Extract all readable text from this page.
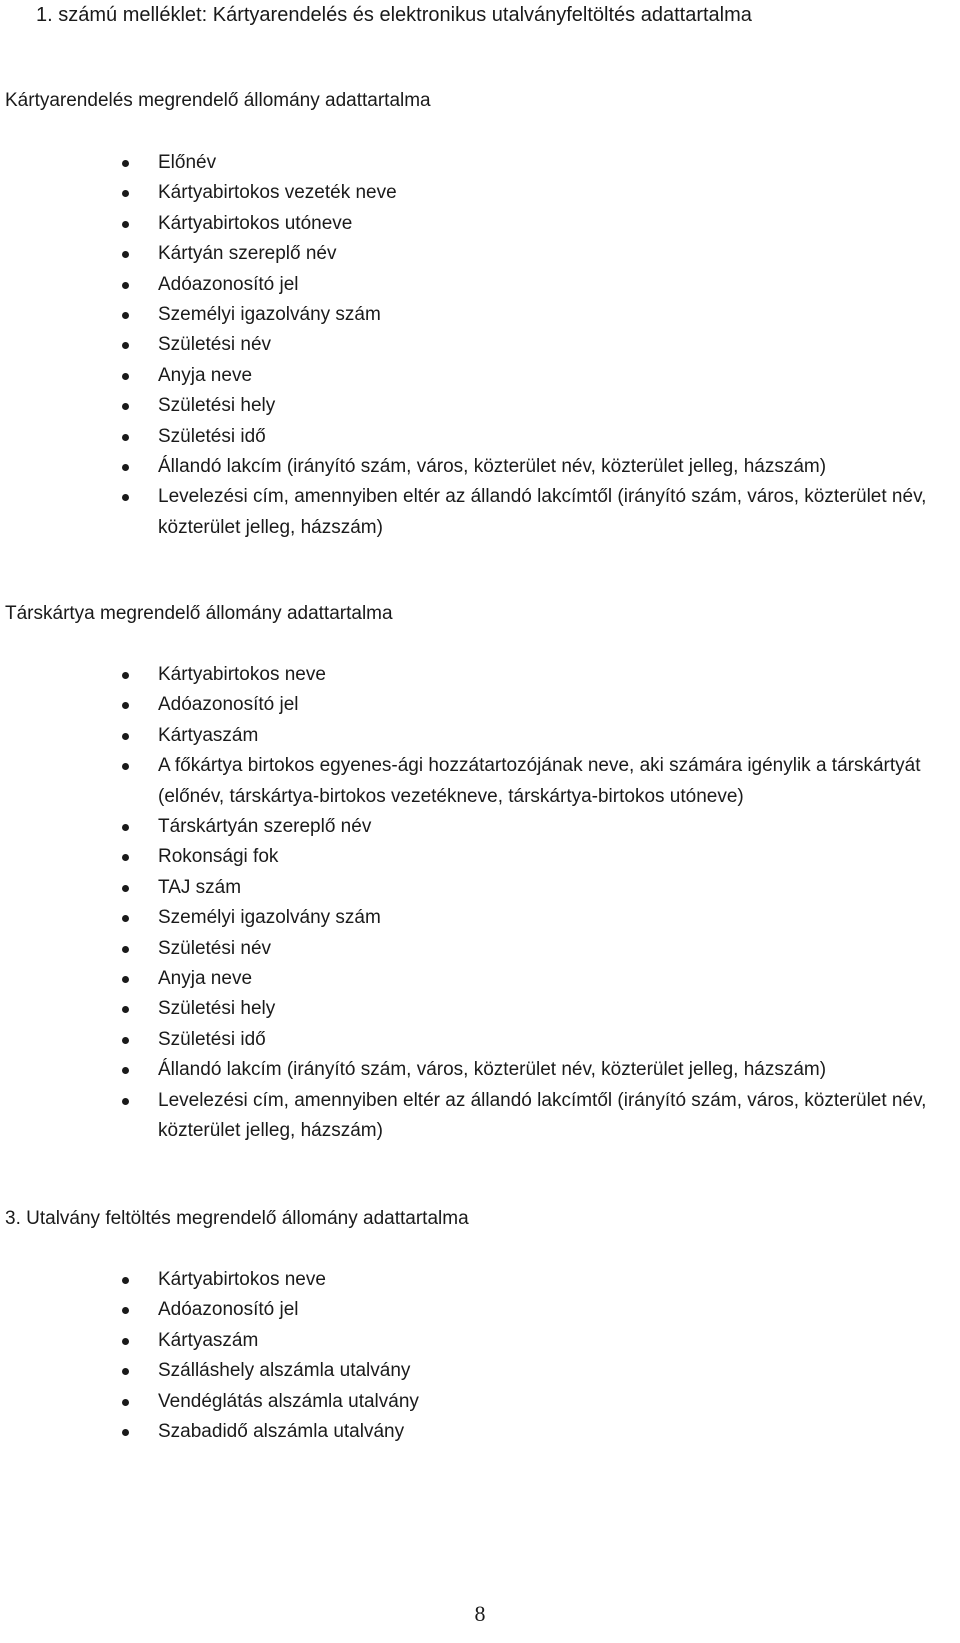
1. számú melléklet: Kártyarendelés és elektronikus utalványfeltöltés adattartalma
Kártyarendelés megrendelő állomány adattartalma
Előnév
Kártyabirtokos vezeték neve
Kártyabirtokos utóneve
Kártyán szereplő név
Adóazonosító jel
Személyi igazolvány szám
Születési név
Anyja neve
Születési hely
Születési idő
Állandó lakcím (irányító szám, város, közterület név, közterület jelleg, házszám)
Levelezési cím, amennyiben eltér az állandó lakcímtől (irányító szám, város, közterület név, közterület jelleg, házszám)
Társkártya megrendelő állomány adattartalma
Kártyabirtokos neve
Adóazonosító jel
Kártyaszám
A főkártya birtokos egyenes-ági hozzátartozójának neve, aki számára igénylik a társkártyát (előnév, társkártya-birtokos vezetékneve, társkártya-birtokos utóneve)
Társkártyán szereplő név
Rokonsági fok
TAJ szám
Személyi igazolvány szám
Születési név
Anyja neve
Születési hely
Születési idő
Állandó lakcím (irányító szám, város, közterület név, közterület jelleg, házszám)
Levelezési cím, amennyiben eltér az állandó lakcímtől (irányító szám, város, közterület név, közterület jelleg, házszám)
3. Utalvány feltöltés megrendelő állomány adattartalma
Kártyabirtokos neve
Adóazonosító jel
Kártyaszám
Szálláshely alszámla utalvány
Vendéglátás alszámla utalvány
Szabadidő alszámla utalvány
8
